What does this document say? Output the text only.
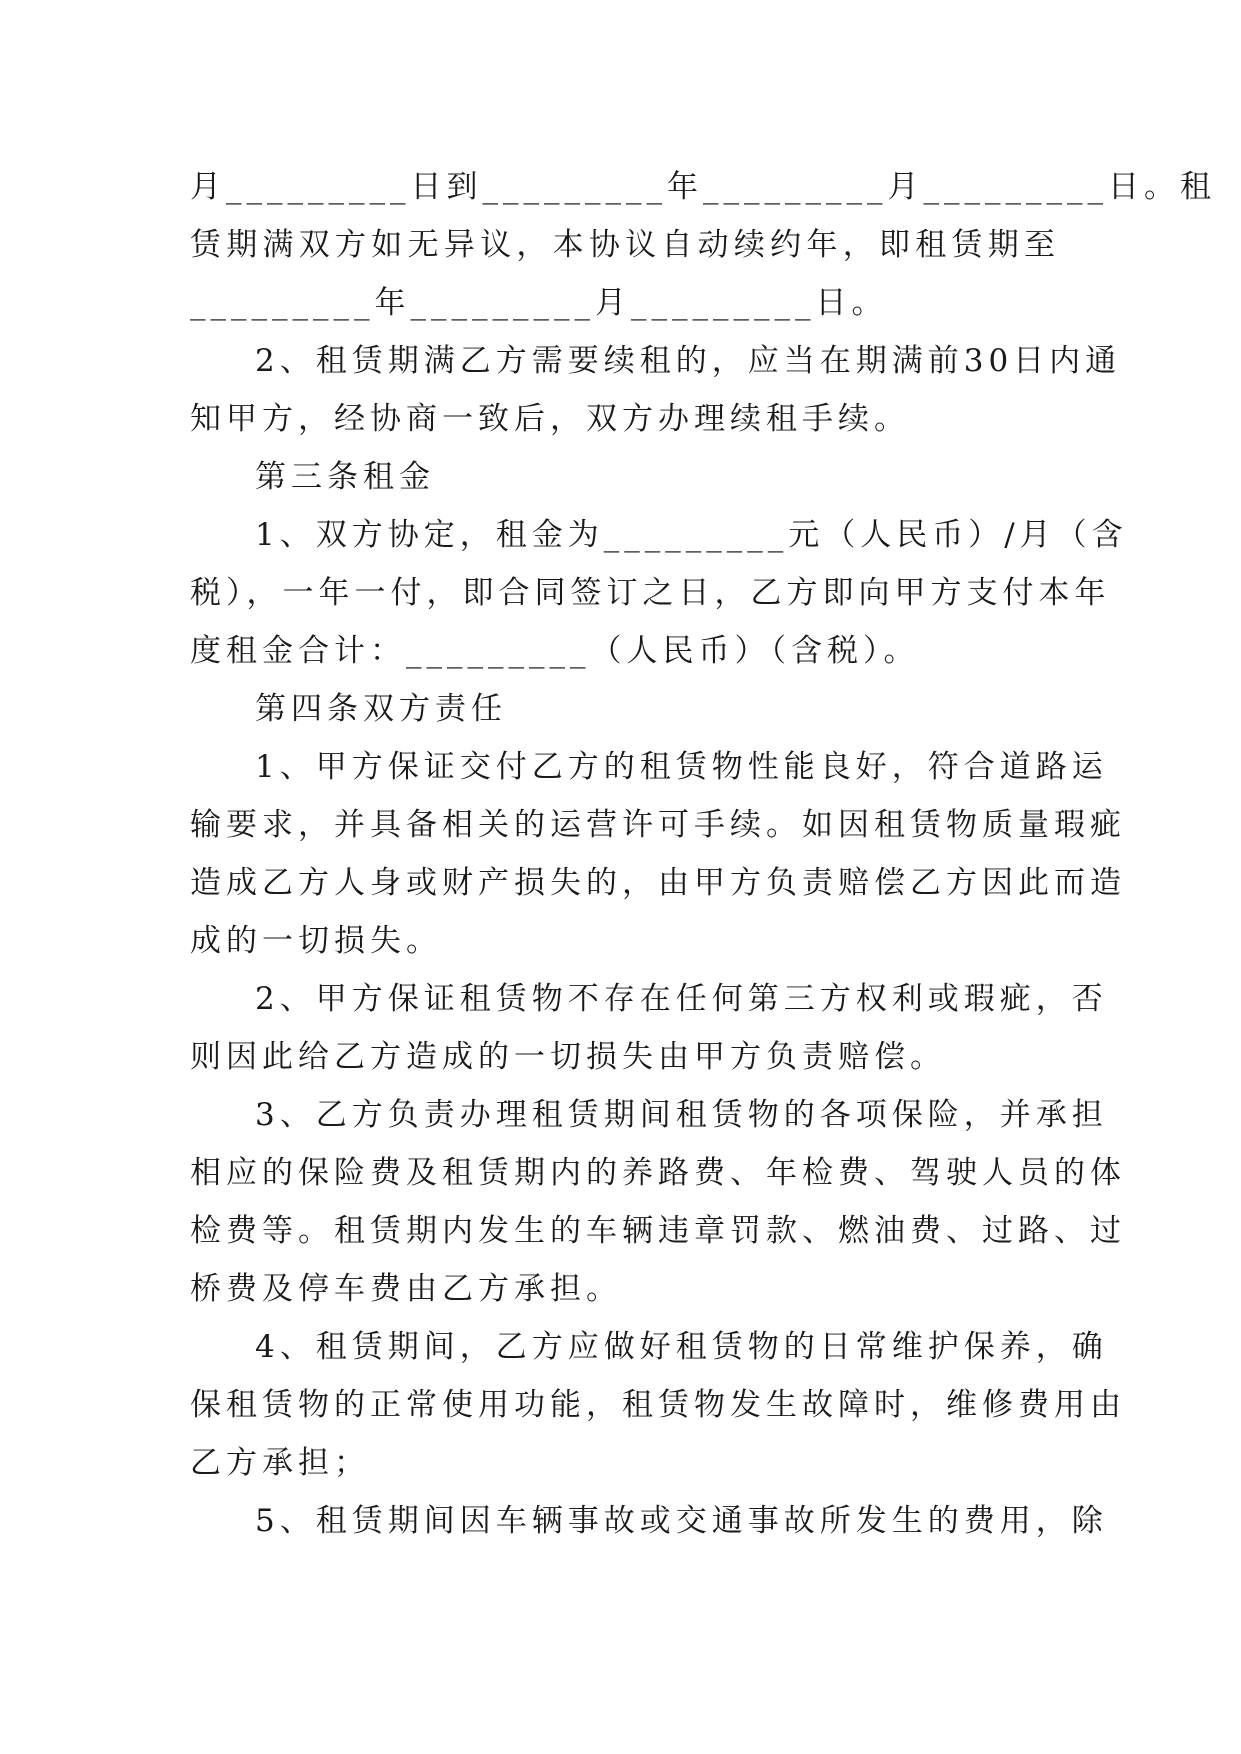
月_________日到_________年_________月_________日。租
赁期满双方如无异议，本协议自动续约年，即租赁期至
_________年_________月_________日。
2、租赁期满乙方需要续租的，应当在期满前30日内通
知甲方，经协商一致后，双方办理续租手续。
第三条租金
1、双方协定，租金为_________元（人民币）/月（含
税），一年一付，即合同签订之日，乙方即向甲方支付本年
度租金合计：_________（人民币）（含税）。
第四条双方责任
1、甲方保证交付乙方的租赁物性能良好，符合道路运
输要求，并具备相关的运营许可手续。如因租赁物质量瑕疵
造成乙方人身或财产损失的，由甲方负责赔偿乙方因此而造
成的一切损失。
2、甲方保证租赁物不存在任何第三方权利或瑕疵，否
则因此给乙方造成的一切损失由甲方负责赔偿。
3、乙方负责办理租赁期间租赁物的各项保险，并承担
相应的保险费及租赁期内的养路费、年检费、驾驶人员的体
检费等。租赁期内发生的车辆违章罚款、燃油费、过路、过
桥费及停车费由乙方承担。
4、租赁期间，乙方应做好租赁物的日常维护保养，确
保租赁物的正常使用功能，租赁物发生故障时，维修费用由
乙方承担；
5、租赁期间因车辆事故或交通事故所发生的费用，除
